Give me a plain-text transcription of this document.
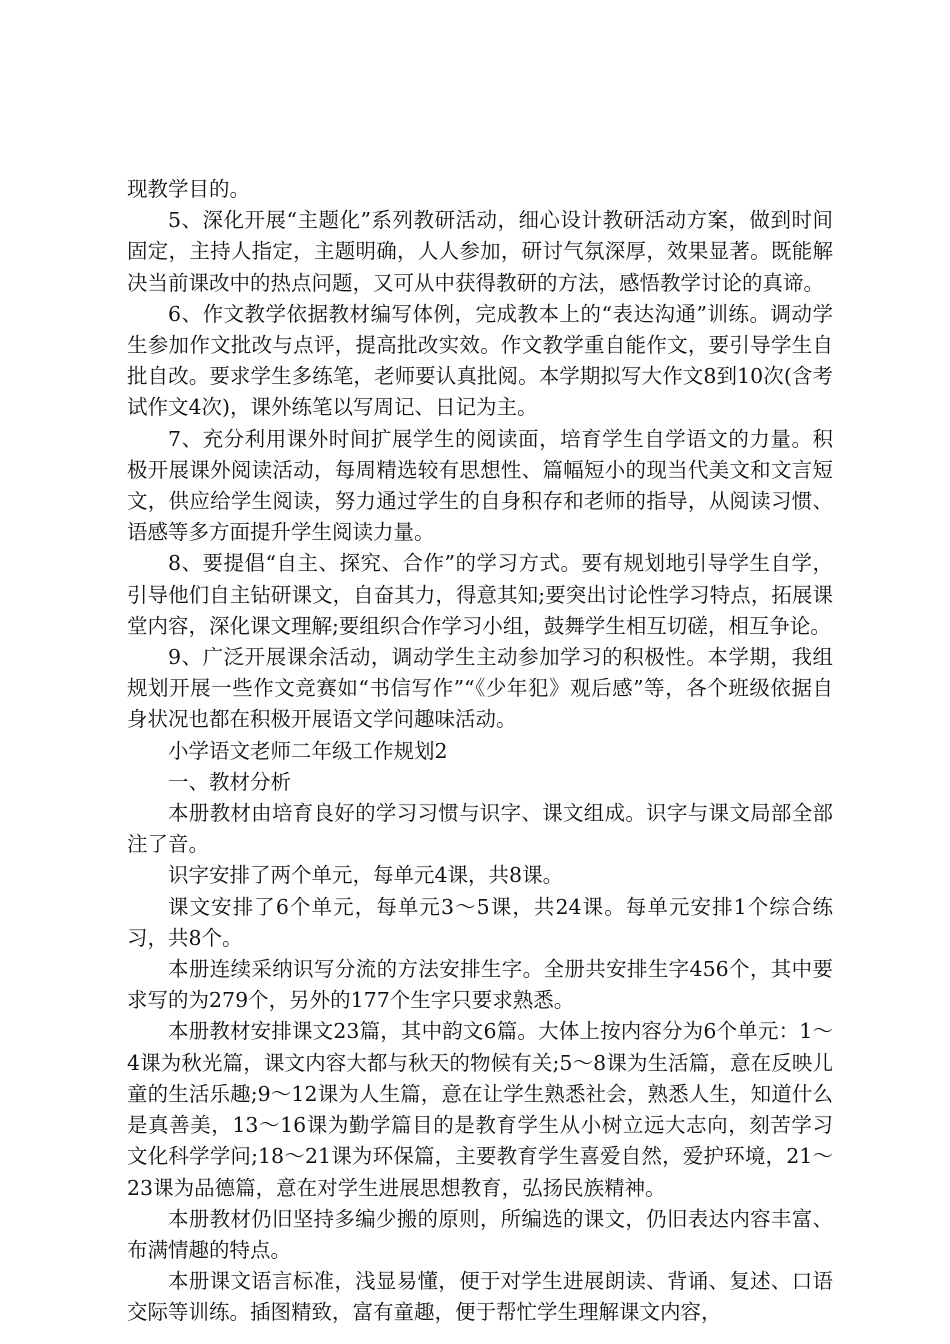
现教学目的。

5、深化开展“主题化”系列教研活动，细心设计教研活动方案，做到时间固定，主持人指定，主题明确，人人参加，研讨气氛深厚，效果显著。既能解决当前课改中的热点问题，又可从中获得教研的方法，感悟教学讨论的真谛。

6、作文教学依据教材编写体例，完成教本上的“表达沟通”训练。调动学生参加作文批改与点评，提高批改实效。作文教学重自能作文，要引导学生自批自改。要求学生多练笔，老师要认真批阅。本学期拟写大作文8到10次(含考试作文4次)，课外练笔以写周记、日记为主。

7、充分利用课外时间扩展学生的阅读面，培育学生自学语文的力量。积极开展课外阅读活动，每周精选较有思想性、篇幅短小的现当代美文和文言短文，供应给学生阅读，努力通过学生的自身积存和老师的指导，从阅读习惯、语感等多方面提升学生阅读力量。

8、要提倡“自主、探究、合作”的学习方式。要有规划地引导学生自学，引导他们自主钻研课文，自奋其力，得意其知;要突出讨论性学习特点，拓展课堂内容，深化课文理解;要组织合作学习小组，鼓舞学生相互切磋，相互争论。

9、广泛开展课余活动，调动学生主动参加学习的积极性。本学期，我组规划开展一些作文竞赛如“书信写作”“《少年犯》观后感”等，各个班级依据自身状况也都在积极开展语文学问趣味活动。

小学语文老师二年级工作规划2

一、教材分析

本册教材由培育良好的学习习惯与识字、课文组成。识字与课文局部全部注了音。

识字安排了两个单元，每单元4课，共8课。

课文安排了6个单元，每单元3～5课，共24课。每单元安排1个综合练习，共8个。

本册连续采纳识写分流的方法安排生字。全册共安排生字456个，其中要求写的为279个，另外的177个生字只要求熟悉。

本册教材安排课文23篇，其中韵文6篇。大体上按内容分为6个单元：1～4课为秋光篇，课文内容大都与秋天的物候有关;5～8课为生活篇，意在反映儿童的生活乐趣;9～12课为人生篇，意在让学生熟悉社会，熟悉人生，知道什么是真善美，13～16课为勤学篇目的是教育学生从小树立远大志向，刻苦学习文化科学学问;18～21课为环保篇，主要教育学生喜爱自然，爱护环境，21～23课为品德篇，意在对学生进展思想教育，弘扬民族精神。

本册教材仍旧坚持多编少搬的原则，所编选的课文，仍旧表达内容丰富、布满情趣的特点。

本册课文语言标准，浅显易懂，便于对学生进展朗读、背诵、复述、口语交际等训练。插图精致，富有童趣，便于帮忙学生理解课文内容，
